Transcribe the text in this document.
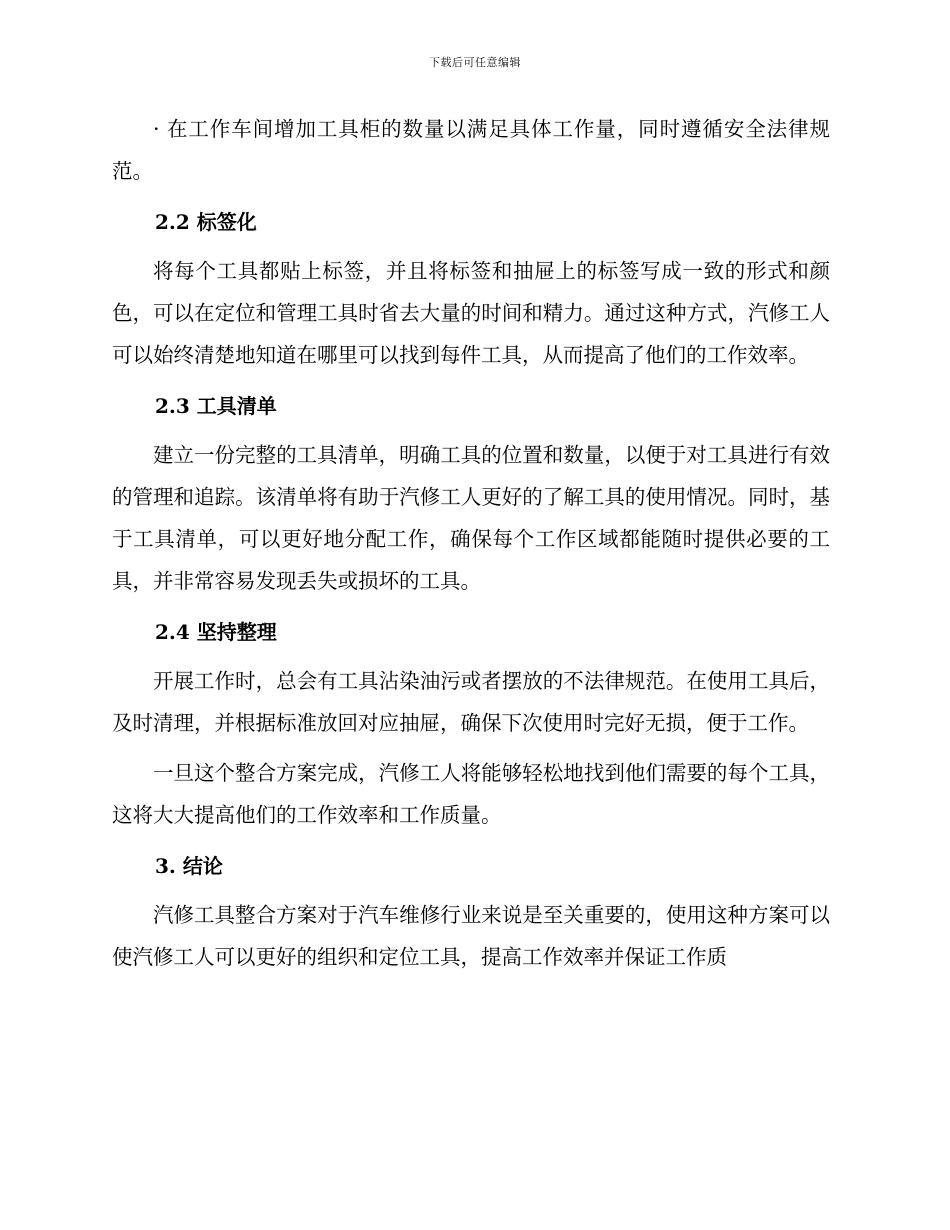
下载后可任意编辑

· 在工作车间增加工具柜的数量以满足具体工作量，同时遵循安全法律规范。

2.2 标签化

将每个工具都贴上标签，并且将标签和抽屉上的标签写成一致的形式和颜色，可以在定位和管理工具时省去大量的时间和精力。通过这种方式，汽修工人可以始终清楚地知道在哪里可以找到每件工具，从而提高了他们的工作效率。

2.3 工具清单

建立一份完整的工具清单，明确工具的位置和数量，以便于对工具进行有效的管理和追踪。该清单将有助于汽修工人更好的了解工具的使用情况。同时，基于工具清单，可以更好地分配工作，确保每个工作区域都能随时提供必要的工具，并非常容易发现丢失或损坏的工具。

2.4 坚持整理

开展工作时，总会有工具沾染油污或者摆放的不法律规范。在使用工具后，及时清理，并根据标准放回对应抽屉，确保下次使用时完好无损，便于工作。

一旦这个整合方案完成，汽修工人将能够轻松地找到他们需要的每个工具，这将大大提高他们的工作效率和工作质量。

3. 结论

汽修工具整合方案对于汽车维修行业来说是至关重要的，使用这种方案可以使汽修工人可以更好的组织和定位工具，提高工作效率并保证工作质
